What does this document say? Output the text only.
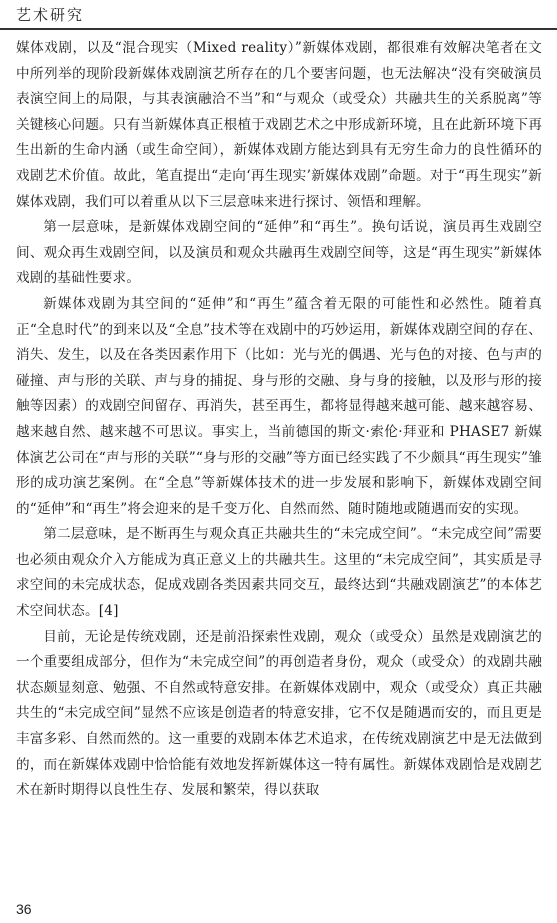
艺术研究

媒体戏剧，以及“混合现实（Mixed reality）”新媒体戏剧，都很难有效解决笔者在文中所列举的现阶段新媒体戏剧演艺所存在的几个要害问题，也无法解决“没有突破演员表演空间上的局限，与其表演融洽不当”和“与观众（或受众）共融共生的关系脱离”等关键核心问题。只有当新媒体真正根植于戏剧艺术之中形成新环境，且在此新环境下再生出新的生命内涵（或生命空间），新媒体戏剧方能达到具有无穷生命力的良性循环的戏剧艺术价值。故此，笔直提出“走向‘再生现实’新媒体戏剧”命题。对于“再生现实”新媒体戏剧，我们可以着重从以下三层意味来进行探讨、领悟和理解。

第一层意味，是新媒体戏剧空间的“延伸”和“再生”。换句话说，演员再生戏剧空间、观众再生戏剧空间，以及演员和观众共融再生戏剧空间等，这是“再生现实”新媒体戏剧的基础性要求。

新媒体戏剧为其空间的“延伸”和“再生”蕴含着无限的可能性和必然性。随着真正“全息时代”的到来以及“全息”技术等在戏剧中的巧妙运用，新媒体戏剧空间的存在、消失、发生，以及在各类因素作用下（比如：光与光的偶遇、光与色的对接、色与声的碰撞、声与形的关联、声与身的捕捉、身与形的交融、身与身的接触，以及形与形的接触等因素）的戏剧空间留存、再消失，甚至再生，都将显得越来越可能、越来越容易、越来越自然、越来越不可思议。事实上，当前德国的斯文·索伦·拜亚和 PHASE7 新媒体演艺公司在“声与形的关联”“身与形的交融”等方面已经实践了不少颇具“再生现实”雏形的成功演艺案例。在“全息”等新媒体技术的进一步发展和影响下，新媒体戏剧空间的“延伸”和“再生”将会迎来的是千变万化、自然而然、随时随地或随遇而安的实现。

第二层意味，是不断再生与观众真正共融共生的“未完成空间”。“未完成空间”需要也必须由观众介入方能成为真正意义上的共融共生。这里的“未完成空间”，其实质是寻求空间的未完成状态，促成戏剧各类因素共同交互，最终达到“共融戏剧演艺”的本体艺术空间状态。[4]

目前，无论是传统戏剧，还是前沿探索性戏剧，观众（或受众）虽然是戏剧演艺的一个重要组成部分，但作为“未完成空间”的再创造者身份，观众（或受众）的戏剧共融状态颇显刻意、勉强、不自然或特意安排。在新媒体戏剧中，观众（或受众）真正共融共生的“未完成空间”显然不应该是创造者的特意安排，它不仅是随遇而安的，而且更是丰富多彩、自然而然的。这一重要的戏剧本体艺术追求，在传统戏剧演艺中是无法做到的，而在新媒体戏剧中恰恰能有效地发挥新媒体这一特有属性。新媒体戏剧恰是戏剧艺术在新时期得以良性生存、发展和繁荣，得以获取

36
